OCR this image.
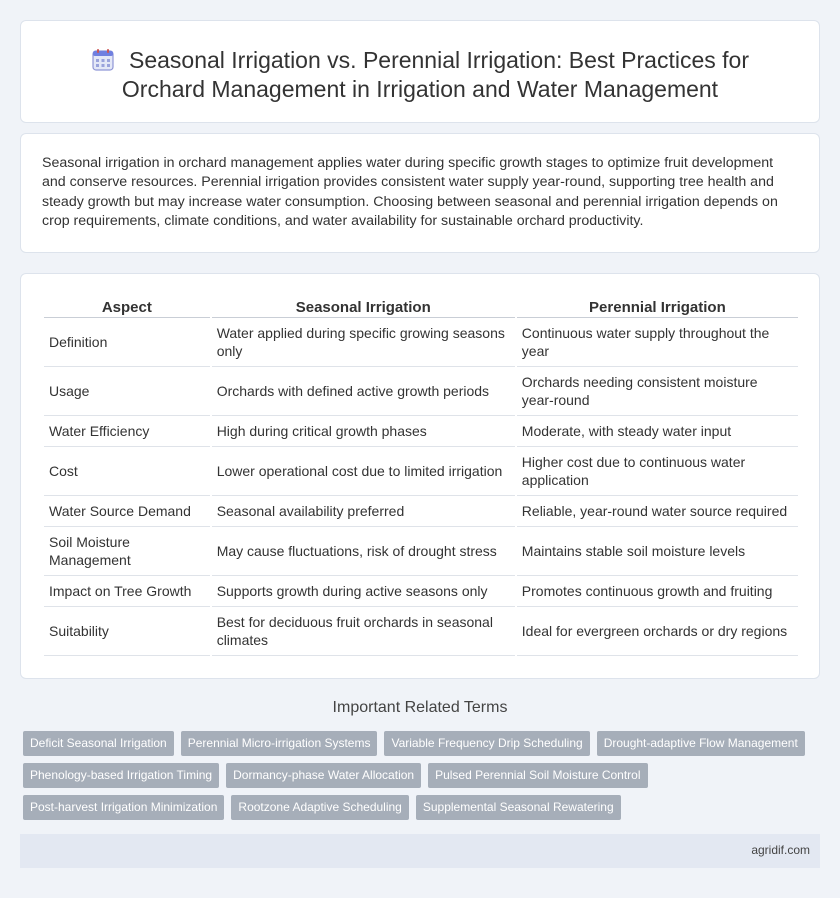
Seasonal Irrigation vs. Perennial Irrigation: Best Practices for Orchard Management in Irrigation and Water Management

Seasonal irrigation in orchard management applies water during specific growth stages to optimize fruit development and conserve resources. Perennial irrigation provides consistent water supply year-round, supporting tree health and steady growth but may increase water consumption. Choosing between seasonal and perennial irrigation depends on crop requirements, climate conditions, and water availability for sustainable orchard productivity.

Aspect	Seasonal Irrigation	Perennial Irrigation
Definition	Water applied during specific growing seasons only	Continuous water supply throughout the year
Usage	Orchards with defined active growth periods	Orchards needing consistent moisture year-round
Water Efficiency	High during critical growth phases	Moderate, with steady water input
Cost	Lower operational cost due to limited irrigation	Higher cost due to continuous water application
Water Source Demand	Seasonal availability preferred	Reliable, year-round water source required
Soil Moisture Management	May cause fluctuations, risk of drought stress	Maintains stable soil moisture levels
Impact on Tree Growth	Supports growth during active seasons only	Promotes continuous growth and fruiting
Suitability	Best for deciduous fruit orchards in seasonal climates	Ideal for evergreen orchards or dry regions
Important Related Terms
Deficit Seasonal Irrigation	Perennial Micro-irrigation Systems	Variable Frequency Drip Scheduling	Drought-adaptive Flow Management
Phenology-based Irrigation Timing	Dormancy-phase Water Allocation	Pulsed Perennial Soil Moisture Control
Post-harvest Irrigation Minimization	Rootzone Adaptive Scheduling	Supplemental Seasonal Rewatering
agridif.com
